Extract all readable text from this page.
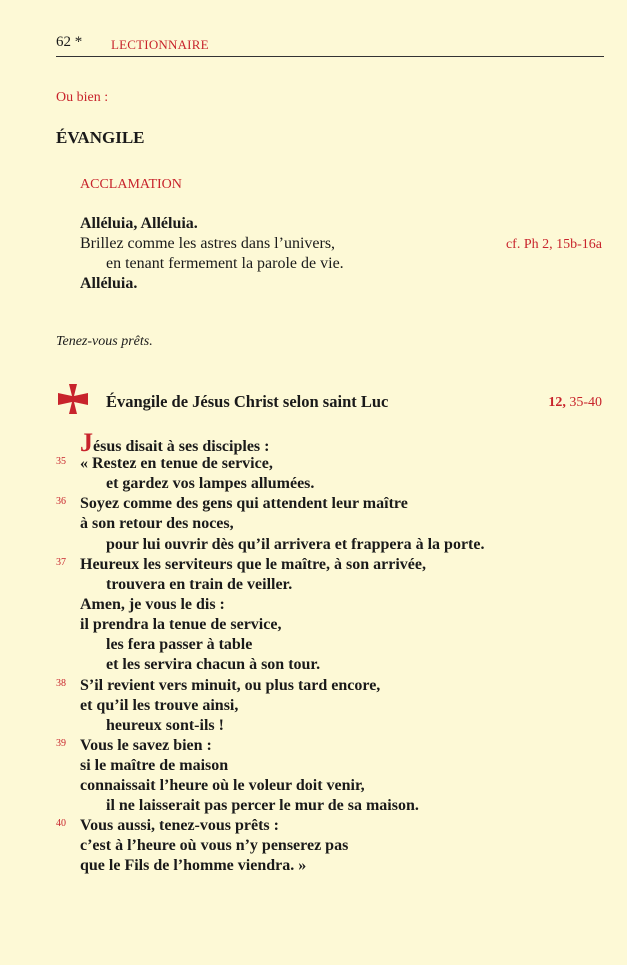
62 * LECTIONNAIRE
Ou bien :
ÉVANGILE
ACCLAMATION
Alléluia, Alléluia.
Brillez comme les astres dans l’univers,
en tenant fermement la parole de vie.
Alléluia.
cf. Ph 2, 15b-16a
Tenez-vous prêts.
Évangile de Jésus Christ selon saint Luc	12, 35-40
Jésus disait à ses disciples :
35 « Restez en tenue de service,
et gardez vos lampes allumées.
36 Soyez comme des gens qui attendent leur maître
à son retour des noces,
pour lui ouvrir dès qu’il arrivera et frappera à la porte.
37 Heureux les serviteurs que le maître, à son arrivée,
trouvera en train de veiller.
Amen, je vous le dis :
il prendra la tenue de service,
les fera passer à table
et les servira chacun à son tour.
38 S’il revient vers minuit, ou plus tard encore,
et qu’il les trouve ainsi,
heureux sont-ils !
39 Vous le savez bien :
si le maître de maison
connaissait l’heure où le voleur doit venir,
il ne laisserait pas percer le mur de sa maison.
40 Vous aussi, tenez-vous prêts :
c’est à l’heure où vous n’y penserez pas
que le Fils de l’homme viendra. »
